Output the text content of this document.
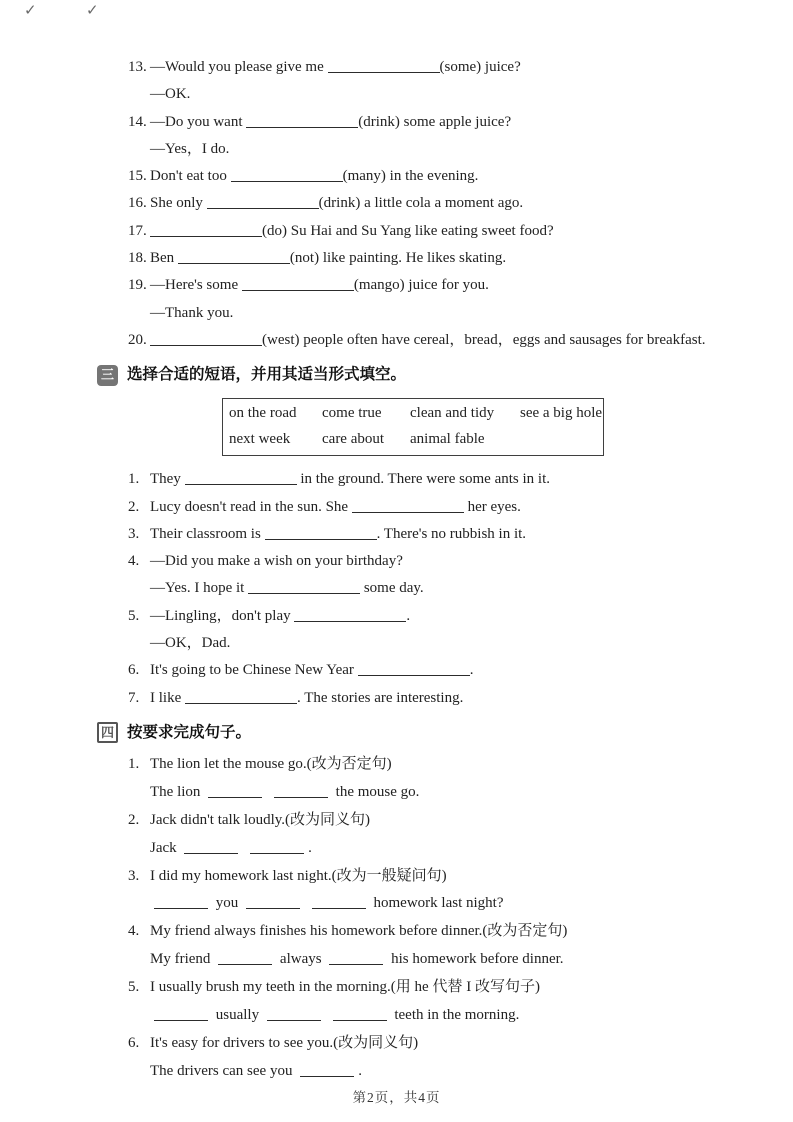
✓	✓
13. —Would you please give me	(some) juice?
—OK.
14. —Do you want	(drink) some apple juice?
—Yes，I do.
15. Don't eat too	(many) in the evening.
16. She only	(drink) a little cola a moment ago.
17.	(do) Su Hai and Su Yang like eating sweet food?
18. Ben	(not) like painting. He likes skating.
19. —Here's some	(mango) juice for you.
—Thank you.
20.	(west) people often have cereal，bread，eggs and sausages for breakfast.
三 选择合适的短语，并用其适当形式填空。
on the road	come true	clean and tidy	see a big hole
next week	care about	animal fable
1. They	in the ground. There were some ants in it.
2. Lucy doesn't read in the sun. She	her eyes.
3. Their classroom is	. There's no rubbish in it.
4. —Did you make a wish on your birthday?
—Yes. I hope it	some day.
5. —Lingling，don't play	.
—OK，Dad.
6. It's going to be Chinese New Year	.
7. I like	. The stories are interesting.
四 按要求完成句子。
1. The lion let the mouse go.(改为否定句)
The lion	the mouse go.
2. Jack didn't talk loudly.(改为同义句)
Jack	.
3. I did my homework last night.(改为一般疑问句)
you	homework last night?
4. My friend always finishes his homework before dinner.(改为否定句)
My friend	always	his homework before dinner.
5. I usually brush my teeth in the morning.(用 he 代替 I 改写句子)
usually	teeth in the morning.
6. It's easy for drivers to see you.(改为同义句)
The drivers can see you	.
第2页，共4页
